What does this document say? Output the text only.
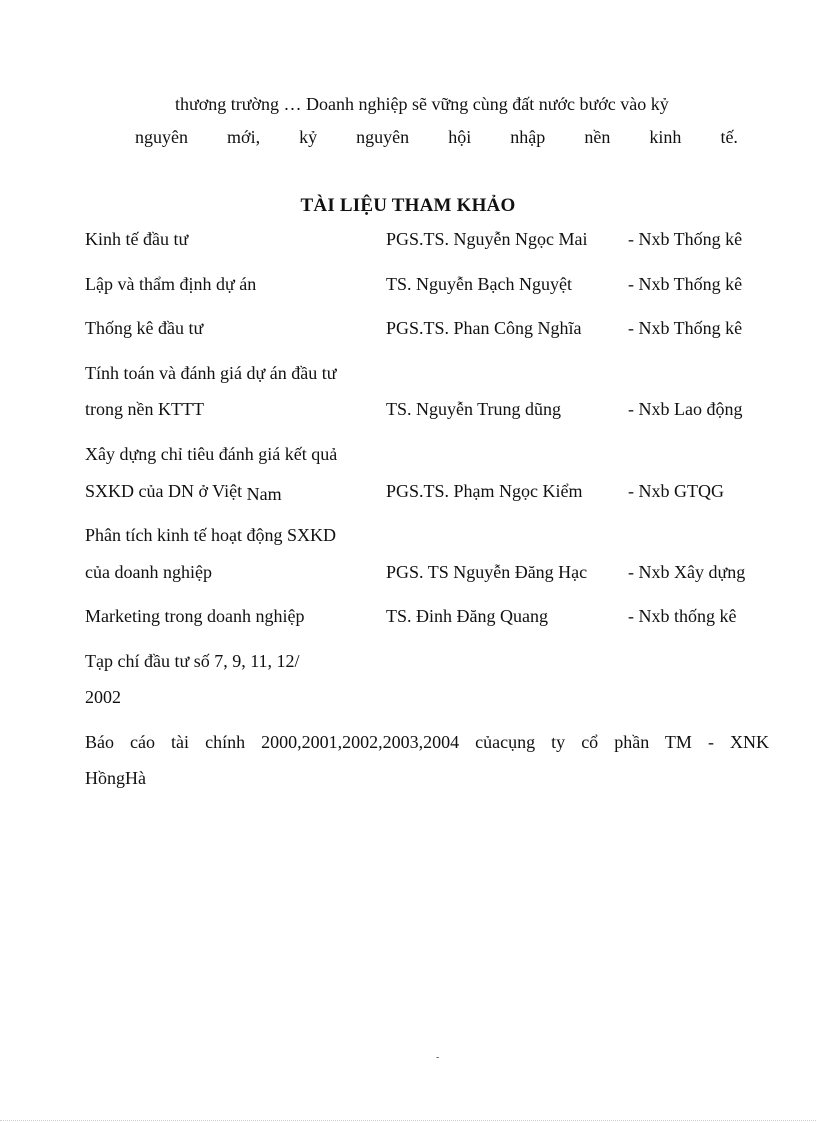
thương trường … Doanh nghiệp sẽ vững cùng đất nước bước vào kỷ
nguyên mới, kỷ nguyên hội nhập nền kinh tế.
TÀI LIỆU THAM KHẢO
Kinh tế đầu tư	PGS.TS. Nguyễn Ngọc Mai - Nxb Thống kê
Lập và thẩm định dự án	TS. Nguyễn Bạch Nguyệt	- Nxb Thống kê
Thống kê đầu tư	PGS.TS. Phan Công Nghĩa	- Nxb Thống kê
Tính toán và đánh giá dự án đầu tư
trong nền KTTT	TS. Nguyễn Trung dũng	- Nxb Lao động
Xây dựng chỉ tiêu đánh giá kết quả
SXKD của DN ở Việt Nam	PGS.TS. Phạm Ngọc Kiểm	- Nxb GTQG
Phân tích kinh tế hoạt động SXKD
của doanh nghiệp	PGS. TS Nguyễn Đăng Hạc - Nxb Xây dựng
Marketing trong doanh nghiệp	TS. Đinh Đăng Quang	- Nxb thống kê
Tạp chí đầu tư số 7, 9, 11, 12/
2002
Báo cáo tài chính 2000,2001,2002,2003,2004 củacụng ty cổ phần TM - XNK
HồngHà
-
